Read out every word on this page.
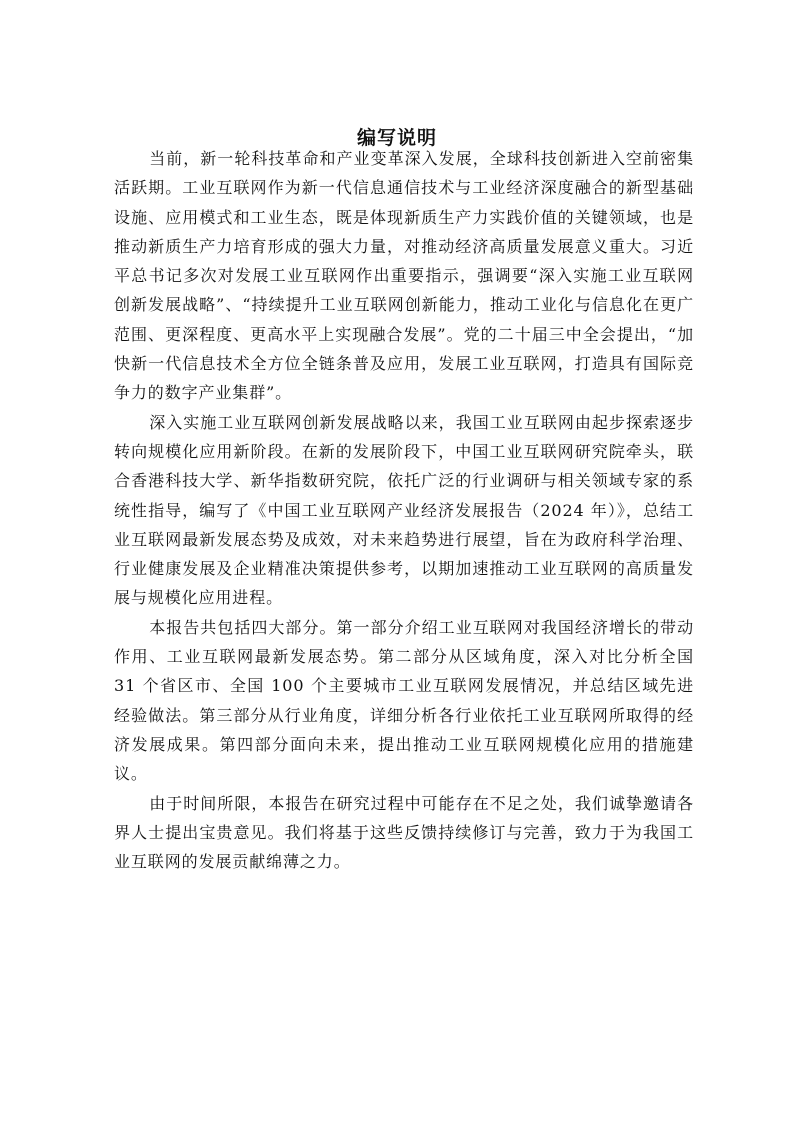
编写说明

当前，新一轮科技革命和产业变革深入发展，全球科技创新进入空前密集活跃期。工业互联网作为新一代信息通信技术与工业经济深度融合的新型基础设施、应用模式和工业生态，既是体现新质生产力实践价值的关键领域，也是推动新质生产力培育形成的强大力量，对推动经济高质量发展意义重大。习近平总书记多次对发展工业互联网作出重要指示，强调要“深入实施工业互联网创新发展战略”、“持续提升工业互联网创新能力，推动工业化与信息化在更广范围、更深程度、更高水平上实现融合发展”。党的二十届三中全会提出，“加快新一代信息技术全方位全链条普及应用，发展工业互联网，打造具有国际竞争力的数字产业集群”。

深入实施工业互联网创新发展战略以来，我国工业互联网由起步探索逐步转向规模化应用新阶段。在新的发展阶段下，中国工业互联网研究院牵头，联合香港科技大学、新华指数研究院，依托广泛的行业调研与相关领域专家的系统性指导，编写了《中国工业互联网产业经济发展报告（2024 年）》，总结工业互联网最新发展态势及成效，对未来趋势进行展望，旨在为政府科学治理、行业健康发展及企业精准决策提供参考，以期加速推动工业互联网的高质量发展与规模化应用进程。

本报告共包括四大部分。第一部分介绍工业互联网对我国经济增长的带动作用、工业互联网最新发展态势。第二部分从区域角度，深入对比分析全国 31 个省区市、全国 100 个主要城市工业互联网发展情况，并总结区域先进经验做法。第三部分从行业角度，详细分析各行业依托工业互联网所取得的经济发展成果。第四部分面向未来，提出推动工业互联网规模化应用的措施建议。

由于时间所限，本报告在研究过程中可能存在不足之处，我们诚挚邀请各界人士提出宝贵意见。我们将基于这些反馈持续修订与完善，致力于为我国工业互联网的发展贡献绵薄之力。
